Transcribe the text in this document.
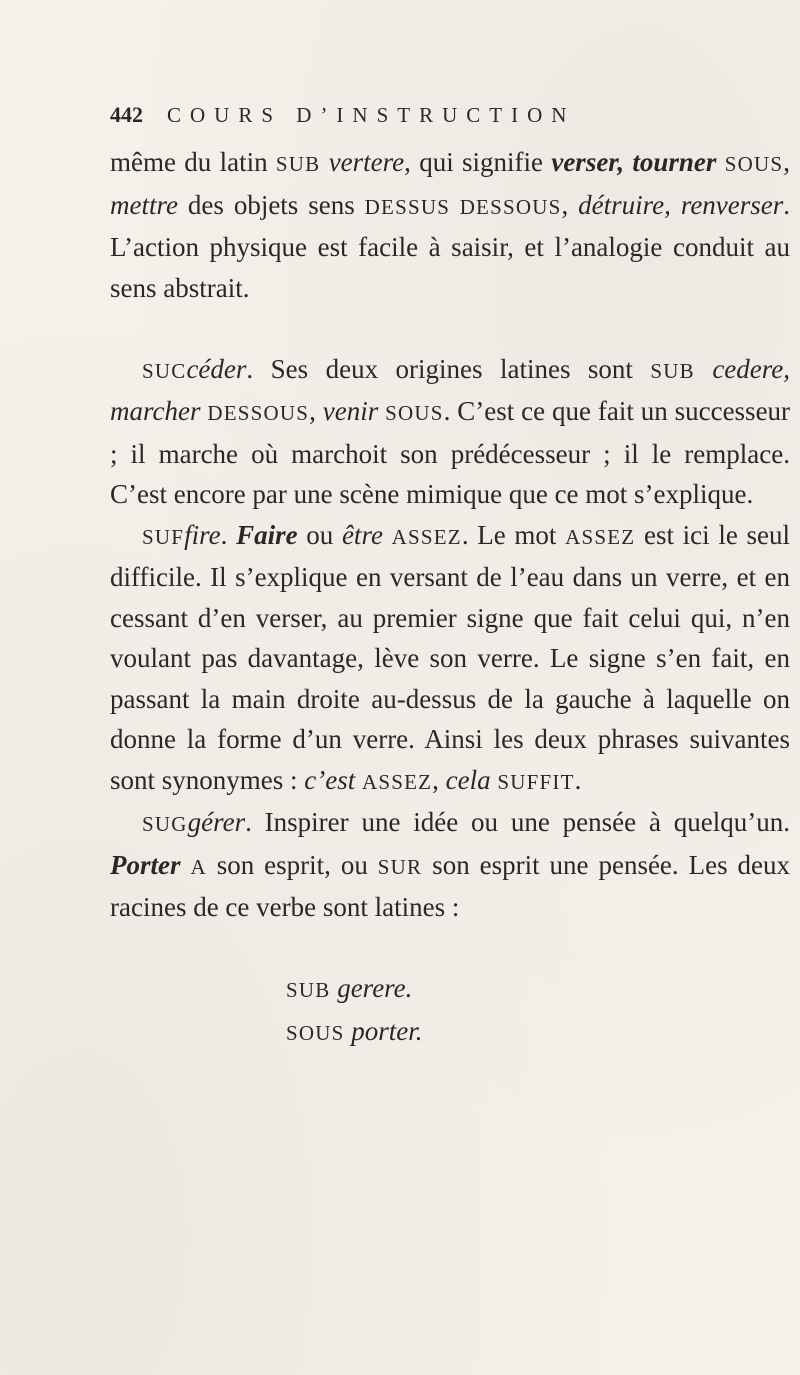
442 COURS D’INSTRUCTION

même du latin SUB vertere, qui signifie verser, tourner SOUS, mettre des objets sens DESSUS DESSOUS, détruire, renverser. L’action physique est facile à saisir, et l’analogie conduit au sens abstrait.

SUCcéder. Ses deux origines latines sont SUB cedere, marcher DESSOUS, venir SOUS. C’est ce que fait un successeur ; il marche où marchoit son prédécesseur ; il le remplace. C’est encore par une scène mimique que ce mot s’explique.

SUFfire. Faire ou être ASSEZ. Le mot ASSEZ est ici le seul difficile. Il s’explique en versant de l’eau dans un verre, et en cessant d’en verser, au premier signe que fait celui qui, n’en voulant pas davantage, lève son verre. Le signe s’en fait, en passant la main droite au-dessus de la gauche à laquelle on donne la forme d’un verre. Ainsi les deux phrases suivantes sont synonymes : c’est ASSEZ, cela SUFFIT.

SUGgérer. Inspirer une idée ou une pensée à quelqu’un. Porter A son esprit, ou SUR son esprit une pensée. Les deux racines de ce verbe sont latines :

SUB gerere.

SOUS porter.
